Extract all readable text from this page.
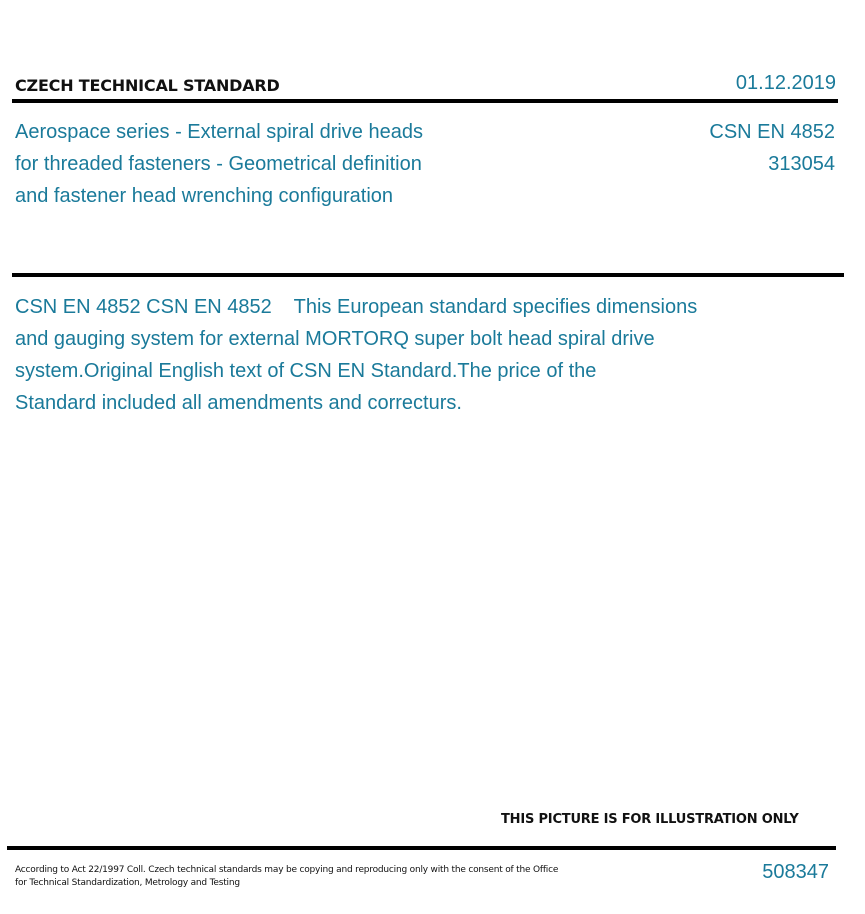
CZECH TECHNICAL STANDARD	01.12.2019
Aerospace series - External spiral drive heads
for threaded fasteners - Geometrical definition
and fastener head wrenching configuration
CSN EN 4852
313054
CSN EN 4852 CSN EN 4852    This European standard specifies dimensions
and gauging system for external MORTORQ super bolt head spiral drive
system.Original English text of CSN EN Standard.The price of the
Standard included all amendments and correcturs.
THIS PICTURE IS FOR ILLUSTRATION ONLY
According to Act 22/1997 Coll. Czech technical standards may be copying and reproducing only with the consent of the Office
for Technical Standardization, Metrology and Testing	508347
